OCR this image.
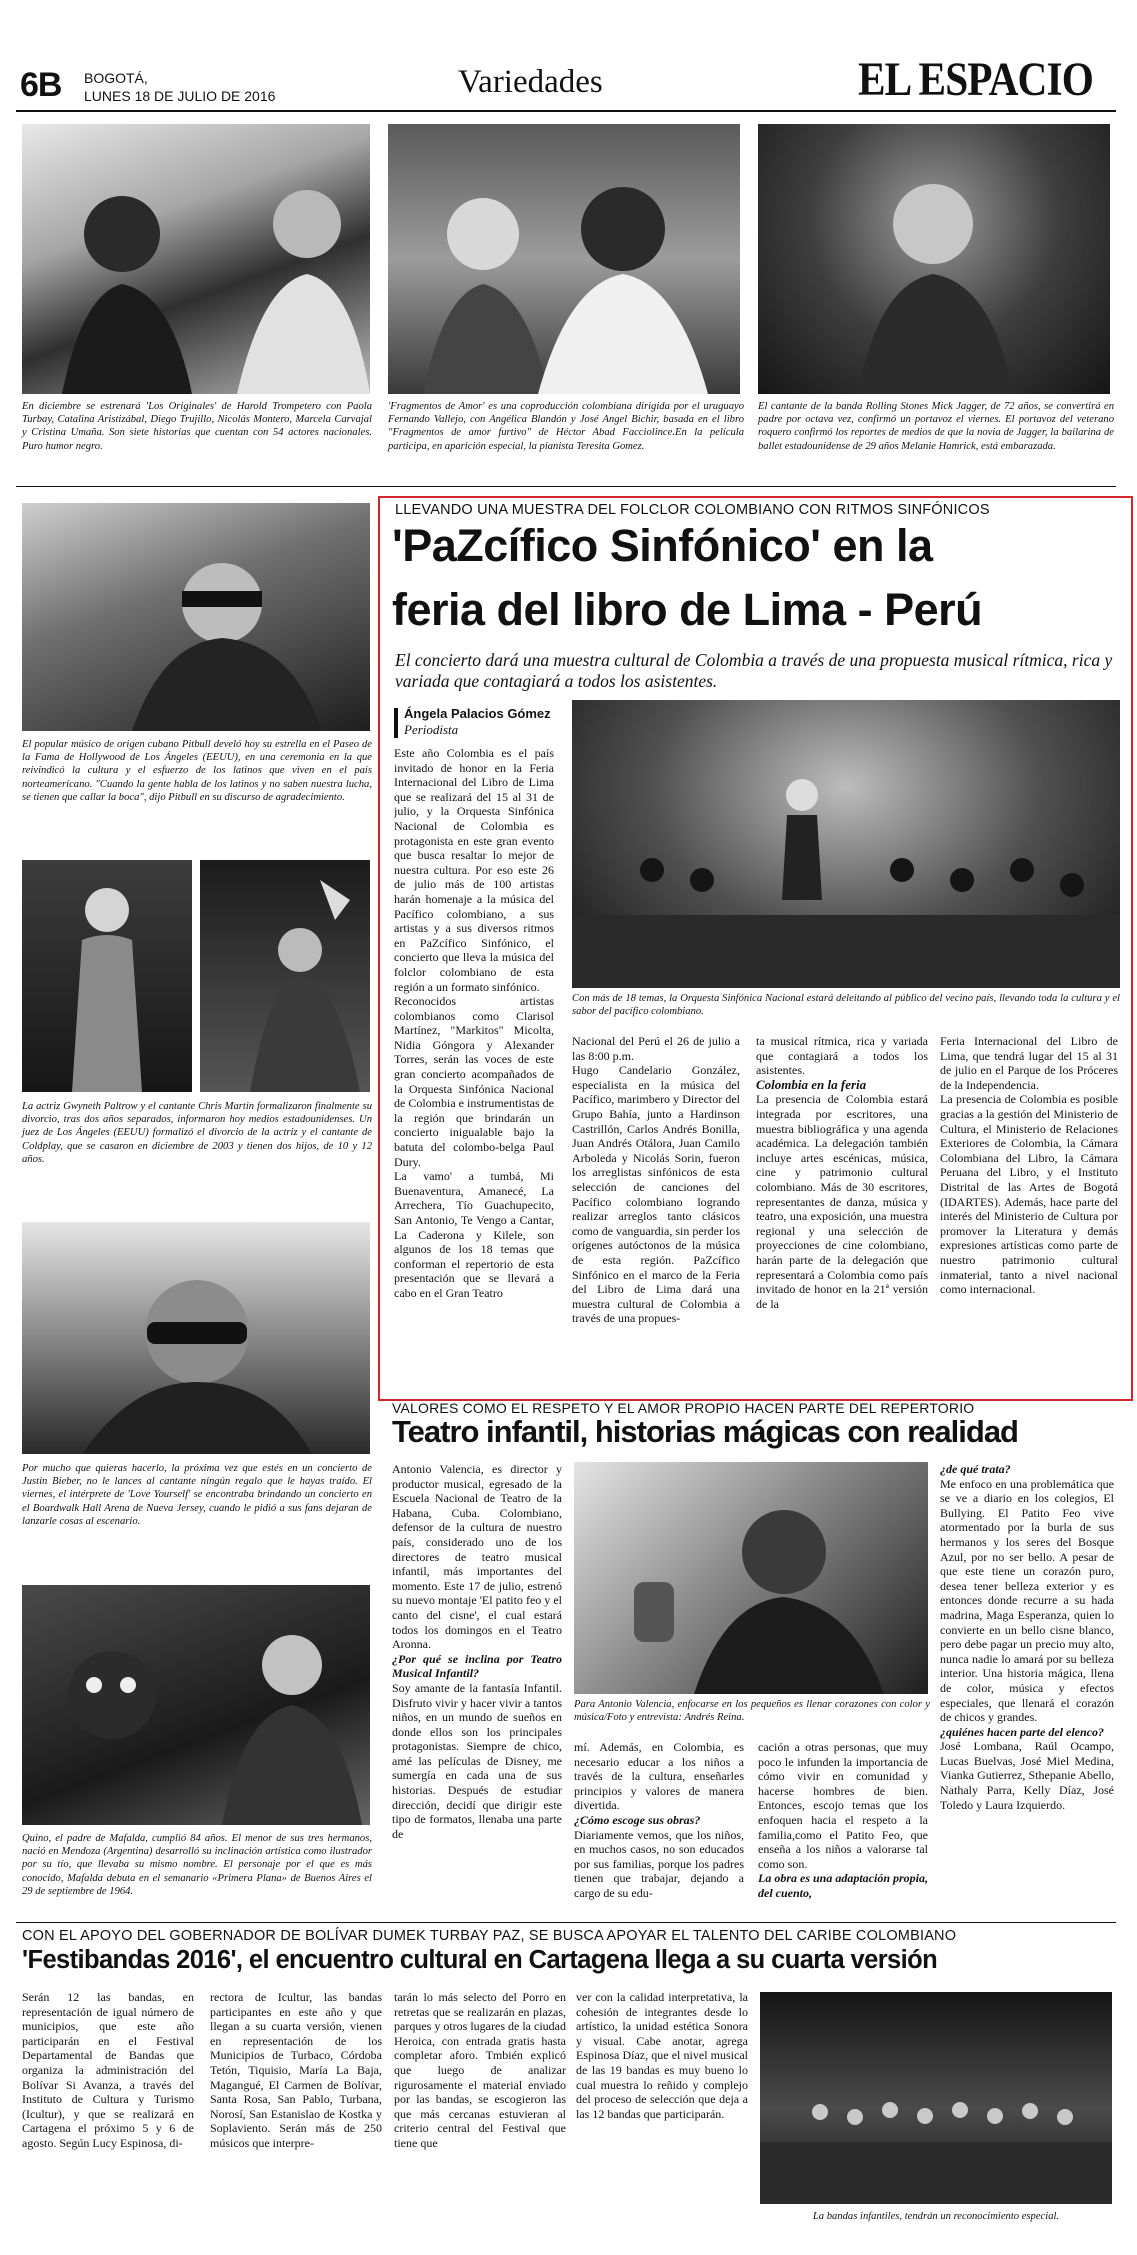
6B BOGOTÁ,
LUNES 18 DE JULIO DE 2016	Variedades	EL ESPACIO
En diciembre se estrenará 'Los Originales' de Harold Trompetero con Paola Turbay, Catalina Aristizábal, Diego Trujillo, Nicolás Montero, Marcela Carvajal y Cristina Umaña. Son siete historias que cuentan con 54 actores nacionales. Puro humor negro.
'Fragmentos de Amor' es una coproducción colombiana dirigida por el uruguayo Fernando Vallejo, con Angélica Blandón y José Angel Bichir, basada en el libro "Fragmentos de amor furtivo" de Héctor Abad Facciolince.En la película participa, en aparición especial, la pianista Teresita Gomez.
El cantante de la banda Rolling Stones Mick Jagger, de 72 años, se convertirá en padre por octava vez, confirmó un portavoz el viernes. El portavoz del veterano roquero confirmó los reportes de medios de que la novia de Jagger, la bailarina de ballet estadounidense de 29 años Melanie Hamrick, está embarazada.
El popular músico de origen cubano Pitbull develó hoy su estrella en el Paseo de la Fama de Hollywood de Los Ángeles (EEUU), en una ceremonia en la que reivindicó la cultura y el esfuerzo de los latinos que viven en el país norteamericano. "Cuando la gente habla de los latinos y no saben nuestra lucha, se tienen que callar la boca", dijo Pitbull en su discurso de agradecimiento.
La actriz Gwyneth Paltrow y el cantante Chris Martin formalizaron finalmente su divorcio, tras dos años separados, informaron hoy medios estadounidenses. Un juez de Los Ángeles (EEUU) formalizó el divorcio de la actriz y el cantante de Coldplay, que se casaron en diciembre de 2003 y tienen dos hijos, de 10 y 12 años.
Por mucho que quieras hacerlo, la próxima vez que estés en un concierto de Justin Bieber, no le lances al cantante ningún regalo que le hayas traído. El viernes, el intérprete de 'Love Yourself' se encontraba brindando un concierto en el Boardwalk Hall Arena de Nueva Jersey, cuando le pidió a sus fans dejaran de lanzarle cosas al escenario.
Quino, el padre de Mafalda, cumplió 84 años. El menor de sus tres hermanos, nació en Mendoza (Argentina) desarrolló su inclinación artística como ilustrador por su tío, que llevaba su mismo nombre. El personaje por el que es más conocido, Mafalda debuta en el semanario «Primera Plana» de Buenos Aires el 29 de septiembre de 1964.
LLEVANDO UNA MUESTRA DEL FOLCLOR COLOMBIANO CON RITMOS SINFÓNICOS
'PaZcífico Sinfónico' en la
feria del libro de Lima - Perú
El concierto dará una muestra cultural de Colombia a través de una propuesta musical rítmica, rica y variada que contagiará a todos los asistentes.
Ángela Palacios Gómez
Periodista

Este año Colombia es el país invitado de honor en la Feria Internacional del Libro de Lima que se realizará del 15 al 31 de julio, y la Orquesta Sinfónica Nacional de Colombia es protagonista en este gran evento que busca resaltar lo mejor de nuestra cultura. Por eso este 26 de julio más de 100 artistas harán homenaje a la música del Pacífico colombiano, a sus artistas y a sus diversos ritmos en PaZcífico Sinfónico, el concierto que lleva la música del folclor colombiano de esta región a un formato sinfónico.

Reconocidos artistas colombianos como Clarisol Martínez, "Markitos" Micolta, Nidia Góngora y Alexander Torres, serán las voces de este gran concierto acompañados de la Orquesta Sinfónica Nacional de Colombia e instrumentistas de la región que brindarán un concierto inigualable bajo la batuta del colombo-belga Paul Dury.

La vamo' a tumbá, Mi Buenaventura, Amanecé, La Arrechera, Tío Guachupecito, San Antonio, Te Vengo a Cantar, La Caderona y Kilele, son algunos de los 18 temas que conforman el repertorio de esta presentación que se llevará a cabo en el Gran Teatro

Con más de 18 temas, la Orquesta Sinfónica Nacional estará deleitando al público del vecino país, llevando toda la cultura y el sabor del pacífico colombiano.

Nacional del Perú el 26 de julio a las 8:00 p.m.

Hugo Candelario González, especialista en la música del Pacífico, marimbero y Director del Grupo Bahía, junto a Hardinson Castrillón, Carlos Andrés Bonilla, Juan Andrés Otálora, Juan Camilo Arboleda y Nicolás Sorin, fueron los arreglistas sinfónicos de esta selección de canciones del Pacífico colombiano logrando realizar arreglos tanto clásicos como de vanguardia, sin perder los orígenes autóctonos de la música de esta región. PaZcífico Sinfónico en el marco de la Feria del Libro de Lima dará una muestra cultural de Colombia a través de una propues-

ta musical rítmica, rica y variada que contagiará a todos los asistentes.

Colombia en la feria

La presencia de Colombia estará integrada por escritores, una muestra bibliográfica y una agenda académica. La delegación también incluye artes escénicas, música, cine y patrimonio cultural colombiano. Más de 30 escritores, representantes de danza, música y teatro, una exposición, una muestra regional y una selección de proyecciones de cine colombiano, harán parte de la delegación que representará a Colombia como país invitado de honor en la 21ª versión de la

Feria Internacional del Libro de Lima, que tendrá lugar del 15 al 31 de julio en el Parque de los Próceres de la Independencia.

La presencia de Colombia es posible gracias a la gestión del Ministerio de Cultura, el Ministerio de Relaciones Exteriores de Colombia, la Cámara Colombiana del Libro, la Cámara Peruana del Libro, y el Instituto Distrital de las Artes de Bogotá (IDARTES). Además, hace parte del interés del Ministerio de Cultura por promover la Literatura y demás expresiones artísticas como parte de nuestro patrimonio cultural inmaterial, tanto a nivel nacional como internacional.

VALORES COMO EL RESPETO Y EL AMOR PROPIO HACEN PARTE DEL REPERTORIO
Teatro infantil, historias mágicas con realidad

Antonio Valencia, es director y productor musical, egresado de la Escuela Nacional de Teatro de la Habana, Cuba. Colombiano, defensor de la cultura de nuestro país, considerado uno de los directores de teatro musical infantil, más importantes del momento. Este 17 de julio, estrenó su nuevo montaje 'El patito feo y el canto del cisne', el cual estará todos los domingos en el Teatro Aronna.

¿Por qué se inclina por Teatro Musical Infantil?

Soy amante de la fantasía Infantil. Disfruto vivir y hacer vivir a tantos niños, en un mundo de sueños en donde ellos son los principales protagonistas. Siempre de chico, amé las películas de Disney, me sumergía en cada una de sus historias. Después de estudiar dirección, decidí que dirigir este tipo de formatos, llenaba una parte de

Para Antonio Valencia, enfocarse en los pequeños es llenar corazones con color y música/Foto y entrevista: Andrés Reina.

mí. Además, en Colombia, es necesario educar a los niños a través de la cultura, enseñarles principios y valores de manera divertida.

¿Cómo escoge sus obras?

Diariamente vemos, que los niños, en muchos casos, no son educados por sus familias, porque los padres tienen que trabajar, dejando a cargo de su edu-

cación a otras personas, que muy poco le infunden la importancia de cómo vivir en comunidad y hacerse hombres de bien. Entonces, escojo temas que los enfoquen hacia el respeto a la familia,como el Patito Feo, que enseña a los niños a valorarse tal como son.

La obra es una adaptación propia, del cuento,
¿de qué trata?

Me enfoco en una problemática que se ve a diario en los colegios, El Bullying. El Patito Feo vive atormentado por la burla de sus hermanos y los seres del Bosque Azul, por no ser bello. A pesar de que este tiene un corazón puro, desea tener belleza exterior y es entonces donde recurre a su hada madrina, Maga Esperanza, quien lo convierte en un bello cisne blanco, pero debe pagar un precio muy alto, nunca nadie lo amará por su belleza interior. Una historia mágica, llena de color, música y efectos especiales, que llenará el corazón de chicos y grandes.

¿quiénes hacen parte del elenco?

José Lombana, Raúl Ocampo, Lucas Buelvas, José Miel Medina, Vianka Gutierrez, Sthepanie Abello, Nathaly Parra, Kelly Díaz, José Toledo y Laura Izquierdo.

CON EL APOYO DEL GOBERNADOR DE BOLÍVAR DUMEK TURBAY PAZ, SE BUSCA APOYAR EL TALENTO DEL CARIBE COLOMBIANO
'Festibandas 2016', el encuentro cultural en Cartagena llega a su cuarta versión
Serán 12 las bandas, en representación de igual número de municipios, que este año participarán en el Festival Departamental de Bandas que organiza la administración del Bolívar Si Avanza, a través del Instituto de Cultura y Turismo (Icultur), y que se realizará en Cartagena el próximo 5 y 6 de agosto. Según Lucy Espinosa, di-
rectora de Icultur, las bandas participantes en este año y que llegan a su cuarta versión, vienen en representación de los Municipios de Turbaco, Córdoba Tetón, Tiquisio, María La Baja, Magangué, El Carmen de Bolívar, Santa Rosa, San Pablo, Turbana, Norosí, San Estanislao de Kostka y Soplaviento. Serán más de 250 músicos que interpre-
tarán lo más selecto del Porro en retretas que se realizarán en plazas, parques y otros lugares de la ciudad Heroica, con entrada gratis hasta completar aforo. Tmbién explicó que luego de analizar rigurosamente el material enviado por las bandas, se escogieron las que más cercanas estuvieran al criterio central del Festival que tiene que
ver con la calidad interpretativa, la cohesión de integrantes desde lo artístico, la unidad estética Sonora y visual. Cabe anotar, agrega Espinosa Díaz, que el nivel musical de las 19 bandas es muy bueno lo cual muestra lo reñido y complejo del proceso de selección que deja a las 12 bandas que participarán.
La bandas infantiles, tendrán un reconocimiento especial.
